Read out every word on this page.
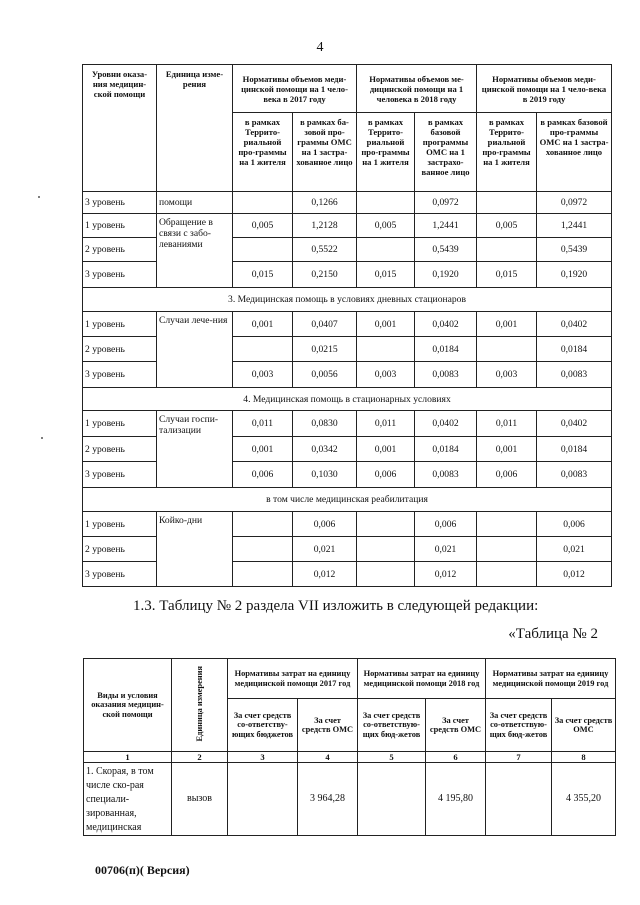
4
Уровни оказа-ния медицин-ской помощи	Единица изме-рения	Нормативы объемов меди-цинской помощи на 1 чело-века в 2017 году		Нормативы объемов ме-дицинской помощи на 1 человека в 2018 году		Нормативы объемов меди-цинской помощи на 1 чело-века в 2019 году	
		в рамках Террито-риальной про-граммы на 1 жителя	в рамках ба-зовой про-граммы ОМС на 1 застра-хованное лицо	в рамках Террито-риальной про-граммы на 1 жителя	в рамках базовой программы ОМС на 1 застрахо-ванное лицо	в рамках Террито-риальной про-граммы на 1 жителя	в рамках базовой про-граммы ОМС на 1 застра-хованное лицо
3 уровень	помощи		0,1266		0,0972		0,0972
1 уровень	Обращение в связи с забо-леваниями	0,005	1,2128	0,005	1,2441	0,005	1,2441
2 уровень			0,5522		0,5439		0,5439
3 уровень		0,015	0,2150	0,015	0,1920	0,015	0,1920
3. Медицинская помощь в условиях дневных стационаров							
1 уровень	Случаи лече-ния	0,001	0,0407	0,001	0,0402	0,001	0,0402
2 уровень			0,0215		0,0184		0,0184
3 уровень		0,003	0,0056	0,003	0,0083	0,003	0,0083
4. Медицинская помощь в стационарных условиях							
1 уровень	Случаи госпи-тализации	0,011	0,0830	0,011	0,0402	0,011	0,0402
2 уровень		0,001	0,0342	0,001	0,0184	0,001	0,0184
3 уровень		0,006	0,1030	0,006	0,0083	0,006	0,0083
в том числе медицинская реабилитация							
1 уровень	Койко-дни		0,006		0,006		0,006
2 уровень			0,021		0,021		0,021
3 уровень			0,012		0,012		0,012
1.3. Таблицу № 2 раздела VII изложить в следующей редакции:
«Таблица № 2
Виды и условия оказания медицин-ской помощи	Единица измерения	Нормативы затрат на единицу медицинской помощи 2017 год		Нормативы затрат на единицу медицинской помощи 2018 год		Нормативы затрат на единицу медицинской помощи 2019 год	
		За счет средств со-ответству-ющих бюджетов	За счет средств ОМС	За счет средств со-ответствую-щих бюд-жетов	За счет средств ОМС	За счет средств со-ответствую-щих бюд-жетов	За счет средств ОМС
1	2	3	4	5	6	7	8
1. Скорая, в том числе ско-рая специали-зированная, медицинская	вызов		3 964,28		4 195,80		4 355,20
00706(п)( Версия)
